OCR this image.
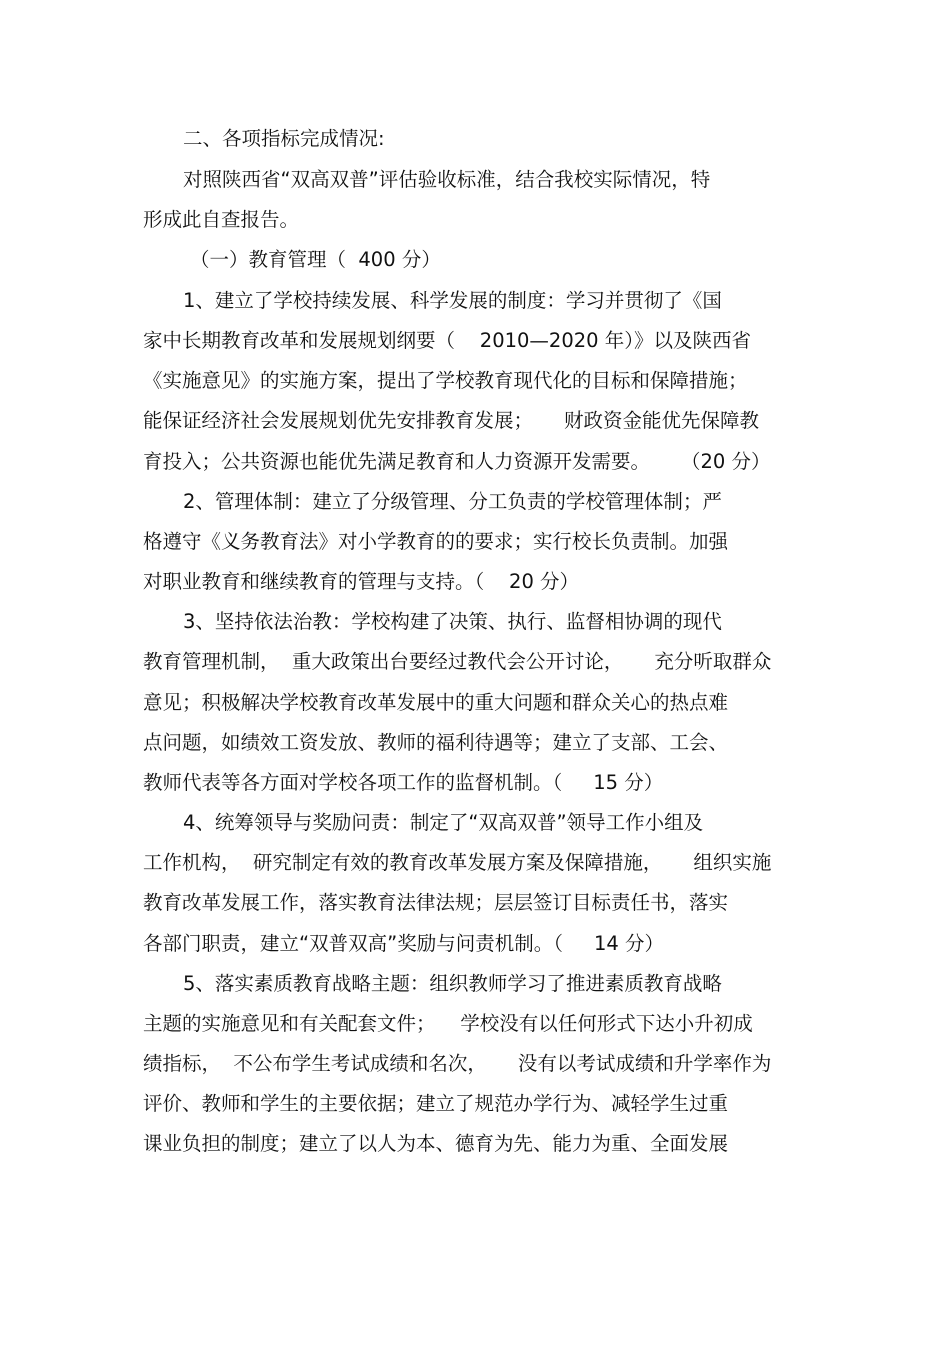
二、各项指标完成情况:
对照陕西省“双高双普”评估验收标准，结合我校实际情况，特
形成此自查报告。
（一）教育管理（  400 分）
1、建立了学校持续发展、科学发展的制度：学习并贯彻了《国
家中长期教育改革和发展规划纲要（    2010—2020 年）》以及陕西省
《实施意见》的实施方案，提出了学校教育现代化的目标和保障措施；
能保证经济社会发展规划优先安排教育发展；     财政资金能优先保障教
育投入；公共资源也能优先满足教育和人力资源开发需要。     （20 分）
2、管理体制：建立了分级管理、分工负责的学校管理体制；严
格遵守《义务教育法》对小学教育的的要求；实行校长负责制。加强
对职业教育和继续教育的管理与支持。（    20 分）
3、坚持依法治教：学校构建了决策、执行、监督相协调的现代
教育管理机制，  重大政策出台要经过教代会公开讨论，     充分听取群众
意见；积极解决学校教育改革发展中的重大问题和群众关心的热点难
点问题，如绩效工资发放、教师的福利待遇等；建立了支部、工会、
教师代表等各方面对学校各项工作的监督机制。（     15 分）
4、统筹领导与奖励问责：制定了“双高双普”领导工作小组及
工作机构，  研究制定有效的教育改革发展方案及保障措施，     组织实施
教育改革发展工作，落实教育法律法规；层层签订目标责任书，落实
各部门职责，建立“双普双高”奖励与问责机制。（     14 分）
5、落实素质教育战略主题：组织教师学习了推进素质教育战略
主题的实施意见和有关配套文件；    学校没有以任何形式下达小升初成
绩指标，  不公布学生考试成绩和名次，     没有以考试成绩和升学率作为
评价、教师和学生的主要依据；建立了规范办学行为、减轻学生过重
课业负担的制度；建立了以人为本、德育为先、能力为重、全面发展
